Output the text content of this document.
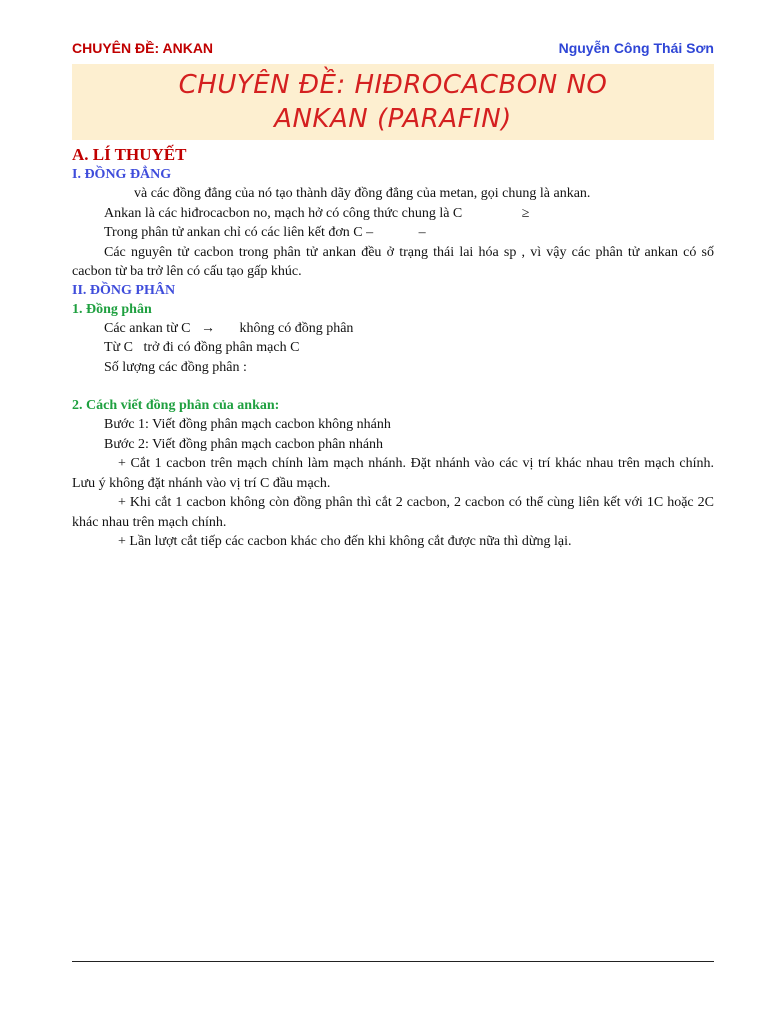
CHUYÊN ĐỀ: ANKAN	Nguyễn Công Thái Sơn
CHUYÊN ĐỀ: HIĐROCACBON NO
ANKAN (PARAFIN)
A. LÍ THUYẾT
I. ĐỒNG ĐẲNG
và các đồng đẳng của nó tạo thành dãy đồng đẳng của metan, gọi chung là ankan.
Ankan là các hiđrocacbon no, mạch hở có công thức chung là C                 ≥
Trong phân tử ankan chỉ có các liên kết đơn C –             –
Các nguyên tử cacbon trong phân tử ankan đều ở trạng thái lai hóa sp , vì vậy các phân tử ankan có số cacbon từ ba trở lên có cấu tạo gấp khúc.
II. ĐỒNG PHÂN
1. Đồng phân
Các ankan từ C   →       không có đồng phân
Từ C   trở đi có đồng phân mạch C
Số lượng các đồng phân :
2. Cách viết đồng phân của ankan:
Bước 1: Viết đồng phân mạch cacbon không nhánh
Bước 2: Viết đồng phân mạch cacbon phân nhánh
+ Cắt 1 cacbon trên mạch chính làm mạch nhánh. Đặt nhánh vào các vị trí khác nhau trên mạch chính. Lưu ý không đặt nhánh vào vị trí C đầu mạch.
+ Khi cắt 1 cacbon không còn đồng phân thì cắt 2 cacbon, 2 cacbon có thể cùng liên kết với 1C hoặc 2C khác nhau trên mạch chính.
+ Lần lượt cắt tiếp các cacbon khác cho đến khi không cắt được nữa thì dừng lại.
